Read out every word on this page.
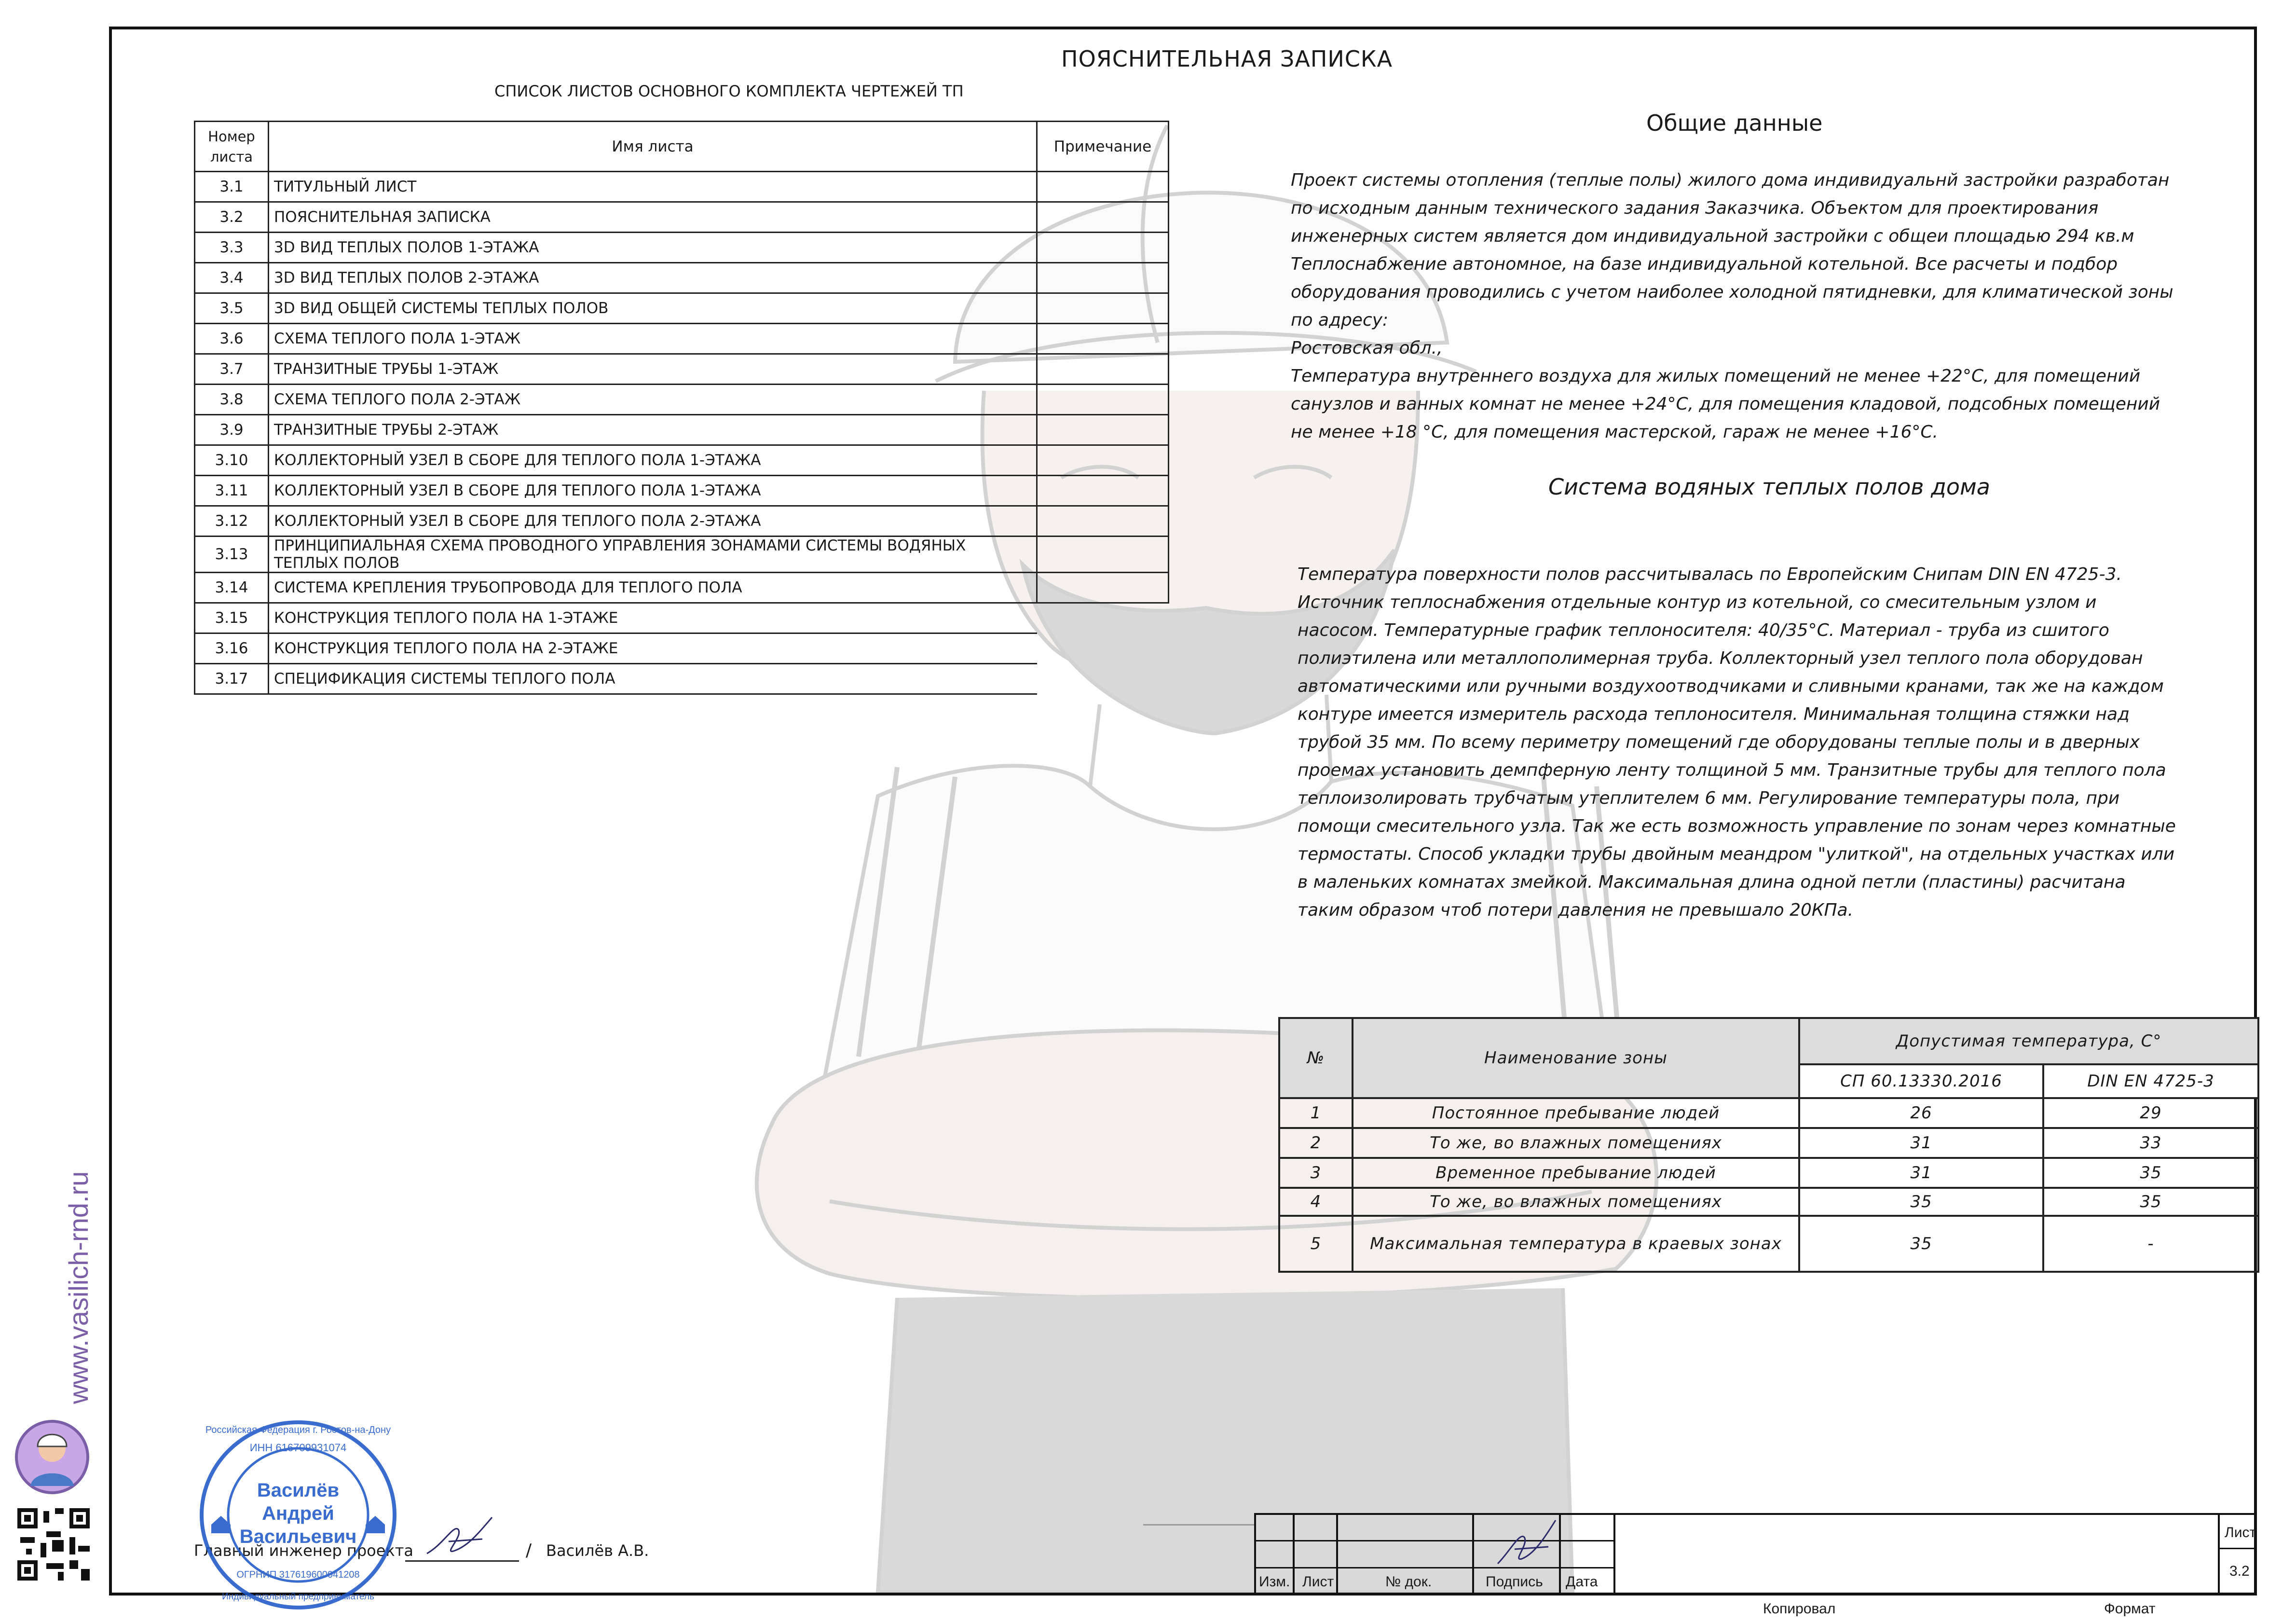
ПОЯСНИТЕЛЬНАЯ ЗАПИСКА
СПИСОК ЛИСТОВ ОСНОВНОГО КОМПЛЕКТА ЧЕРТЕЖЕЙ ТП
Номер листа	Имя листа	Примечание
3.1	ТИТУЛЬНЫЙ ЛИСТ	
3.2	ПОЯСНИТЕЛЬНАЯ ЗАПИСКА	
3.3	3D ВИД ТЕПЛЫХ ПОЛОВ 1-ЭТАЖА	
3.4	3D ВИД ТЕПЛЫХ ПОЛОВ 2-ЭТАЖА	
3.5	3D ВИД ОБЩЕЙ СИСТЕМЫ ТЕПЛЫХ ПОЛОВ	
3.6	СХЕМА ТЕПЛОГО ПОЛА 1-ЭТАЖ	
3.7	ТРАНЗИТНЫЕ ТРУБЫ 1-ЭТАЖ	
3.8	СХЕМА ТЕПЛОГО ПОЛА 2-ЭТАЖ	
3.9	ТРАНЗИТНЫЕ ТРУБЫ 2-ЭТАЖ	
3.10	КОЛЛЕКТОРНЫЙ УЗЕЛ В СБОРЕ ДЛЯ ТЕПЛОГО ПОЛА 1-ЭТАЖА	
3.11	КОЛЛЕКТОРНЫЙ УЗЕЛ В СБОРЕ ДЛЯ ТЕПЛОГО ПОЛА 1-ЭТАЖА	
3.12	КОЛЛЕКТОРНЫЙ УЗЕЛ В СБОРЕ ДЛЯ ТЕПЛОГО ПОЛА 2-ЭТАЖА	
3.13	ПРИНЦИПИАЛЬНАЯ СХЕМА ПРОВОДНОГО УПРАВЛЕНИЯ ЗОНАМАМИ СИСТЕМЫ ВОДЯНЫХ ТЕПЛЫХ ПОЛОВ	
3.14	СИСТЕМА КРЕПЛЕНИЯ ТРУБОПРОВОДА ДЛЯ ТЕПЛОГО ПОЛА	
3.15	КОНСТРУКЦИЯ ТЕПЛОГО ПОЛА НА 1-ЭТАЖЕ	
3.16	КОНСТРУКЦИЯ ТЕПЛОГО ПОЛА НА 2-ЭТАЖЕ	
3.17	СПЕЦИФИКАЦИЯ СИСТЕМЫ ТЕПЛОГО ПОЛА	
Общие данные
Проект системы отопления (теплые полы) жилого дома индивидуальнй застройки разработан по исходным данным технического задания Заказчика. Объектом для проектирования инженерных систем является дом индивидуальной застройки с общеи площадью 294 кв.м
Теплоснабжение автономное, на базе индивидуальной котельной. Все расчеты и подбор оборудования проводились с учетом наиболее холодной пятидневки, для климатической зоны по адресу:
Ростовская обл.,
Температура внутреннего воздуха для жилых помещений не менее +22°С, для помещений санузлов и ванных комнат не менее +24°С, для помещения кладовой, подсобных помещений не менее +18 °С, для помещения мастерской, гараж не менее +16°С.
Система водяных теплых полов дома
Температура поверхности полов рассчитывалась по Европейским Снипам DIN EN 4725-3. Источник теплоснабжения отдельные контур из котельной, со смесительным узлом и насосом. Температурные график теплоносителя: 40/35°С. Материал - труба из сшитого полиэтилена или металлополимерная труба. Коллекторный узел теплого пола оборудован автоматическими или ручными воздухоотводчиками и сливными кранами, так же на каждом контуре имеется измеритель расхода теплоносителя. Минимальная толщина стяжки над трубой 35 мм. По всему периметру помещений где оборудованы теплые полы и в дверных проемах установить демпферную ленту толщиной 5 мм. Транзитные трубы для теплого пола теплоизолировать трубчатым утеплителем 6 мм. Регулирование температуры пола, при помощи смесительного узла. Так же есть возможность управление по зонам через комнатные термостаты. Способ укладки трубы двойным меандром "улиткой", на отдельных участках или в маленьких комнатах змейкой. Максимальная длина одной петли (пластины) расчитана таким образом чтоб потери давления не превышало 20КПа.
№	Наименование зоны	Допустимая температура, С°	
		СП 60.13330.2016	DIN EN 4725-3
1	Постоянное пребывание людей	26	29
2	То же, во влажных помещениях	31	33
3	Временное пребывание людей	31	35
4	То же, во влажных помещениях	35	35
5	Максимальная температура в краевых зонах	35	-
Главный инженер проекта	/ Василёв А.В.
ИНН 616709931074
Российская Федерация г. Ростов-на-Дону
Василёв
Андрей
Васильевич
ОГРНИП 317619600041208
Индивидуальный предприниматель
Изм. Лист	№ док.	Подпись Дата
Лист
3.2
Копировал	Формат
www.vasilich-rnd.ru
